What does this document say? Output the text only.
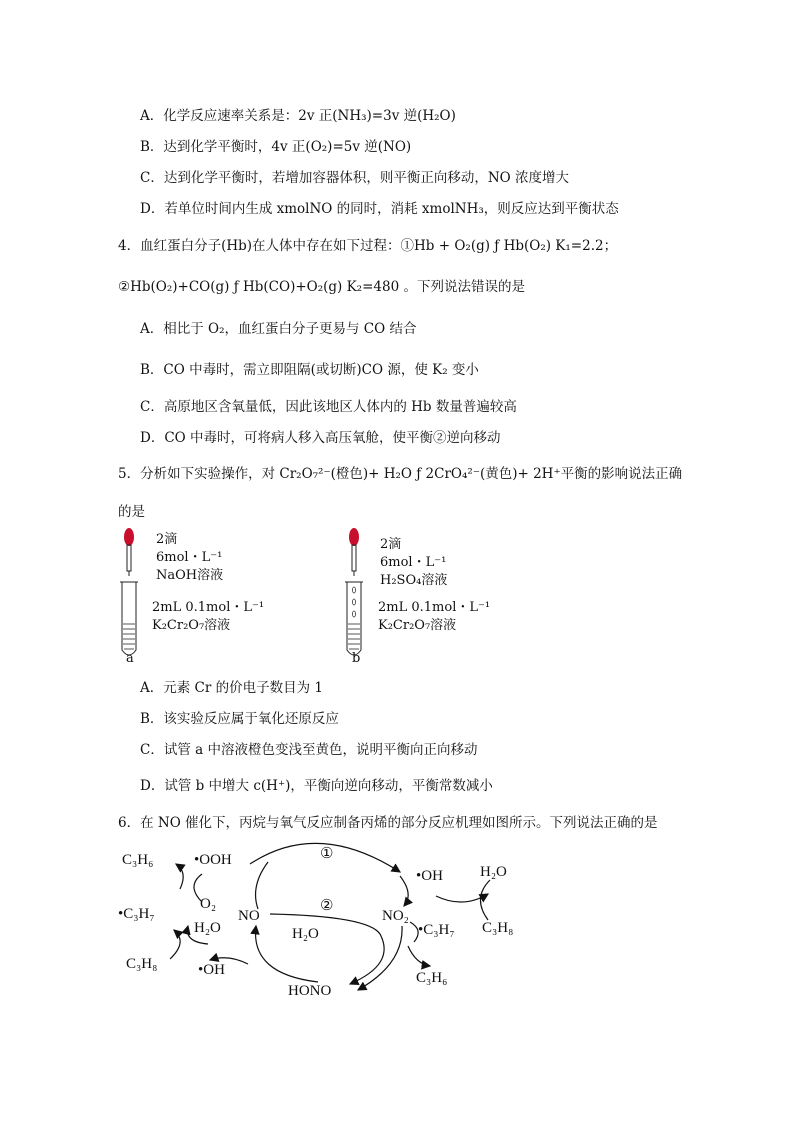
A．化学反应速率关系是：2v 正(NH₃)=3v 逆(H₂O)
B．达到化学平衡时，4v 正(O₂)=5v 逆(NO)
C．达到化学平衡时，若增加容器体积，则平衡正向移动，NO 浓度增大
D．若单位时间内生成 xmolNO 的同时，消耗 xmolNH₃，则反应达到平衡状态
4．血红蛋白分子(Hb)在人体中存在如下过程：①Hb + O₂(g) ƒ Hb(O₂) K₁=2.2；
②Hb(O₂)+CO(g) ƒ Hb(CO)+O₂(g) K₂=480 。下列说法错误的是
A．相比于 O₂，血红蛋白分子更易与 CO 结合
B．CO 中毒时，需立即阻隔(或切断)CO 源，使 K₂ 变小
C．高原地区含氧量低，因此该地区人体内的 Hb 数量普遍较高
D．CO 中毒时，可将病人移入高压氧舱，使平衡②逆向移动
5．分析如下实验操作，对 Cr₂O₇²⁻(橙色)+ H₂O ƒ 2CrO₄²⁻(黄色)+ 2H⁺平衡的影响说法正确
的是
2滴
6mol・L⁻¹
NaOH溶液
2mL 0.1mol・L⁻¹
K₂Cr₂O₇溶液
a
2滴
6mol・L⁻¹
H₂SO₄溶液
2mL 0.1mol・L⁻¹
K₂Cr₂O₇溶液
b
A．元素 Cr 的价电子数目为 1
B．该实验反应属于氧化还原反应
C．试管 a 中溶液橙色变浅至黄色，说明平衡向正向移动
D．试管 b 中增大 c(H⁺)，平衡向逆向移动，平衡常数减小
6．在 NO 催化下，丙烷与氧气反应制备丙烯的部分反应机理如图所示。下列说法正确的是
C₃H₆	•OOH
O₂
•C₃H₇
H₂O
C₃H₈	•OH
NO
①
②
H₂O
HONO
NO₂
•OH H₂O
•C₃H₇ C₃H₈
C₃H₆
